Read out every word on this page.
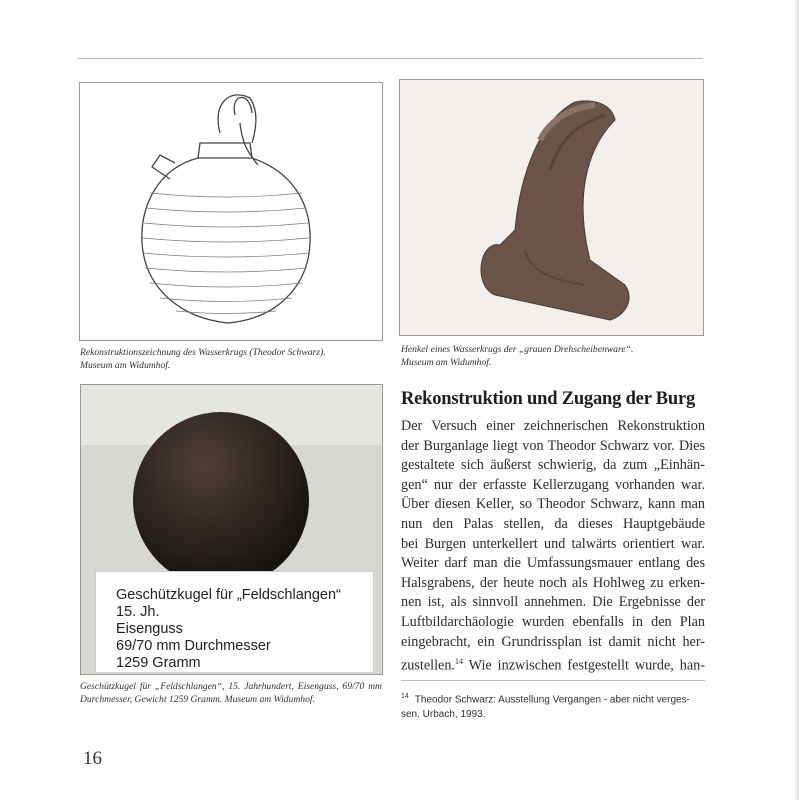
Rekonstruktionszeichnung des Wasserkrugs (Theodor Schwarz).
Museum am Widumhof.
Henkel eines Wasserkrugs der „grauen Drehscheibenware“.
Museum am Widumhof.
Geschützkugel für „Feldschlangen“
15. Jh.
Eisenguss
69/70 mm Durchmesser
1259 Gramm

Geschützkugel für „Feldschlangen“, 15. Jahrhundert, Eisenguss, 69/70 mm Durchmesser, Gewicht 1259 Gramm. Museum am Widumhof.

Rekonstruktion und Zugang der Burg

Der Versuch einer zeichnerischen Rekonstruktion
der Burganlage liegt von Theodor Schwarz vor. Dies
gestaltete sich äußerst schwierig, da zum „Einhän-
gen“ nur der erfasste Kellerzugang vorhanden war.
Über diesen Keller, so Theodor Schwarz, kann man
nun den Palas stellen, da dieses Hauptgebäude
bei Burgen unterkellert und talwärts orientiert war.
Weiter darf man die Umfassungsmauer entlang des
Halsgrabens, der heute noch als Hohlweg zu erken-
nen ist, als sinnvoll annehmen. Die Ergebnisse der
Luftbildarchäologie wurden ebenfalls in den Plan
eingebracht, ein Grundrissplan ist damit nicht her-
zustellen.$^{14}$ Wie inzwischen festgestellt wurde, han-

$^{14}$ Theodor Schwarz: Ausstellung Vergangen - aber nicht verges-
sen. Urbach, 1993.

16
